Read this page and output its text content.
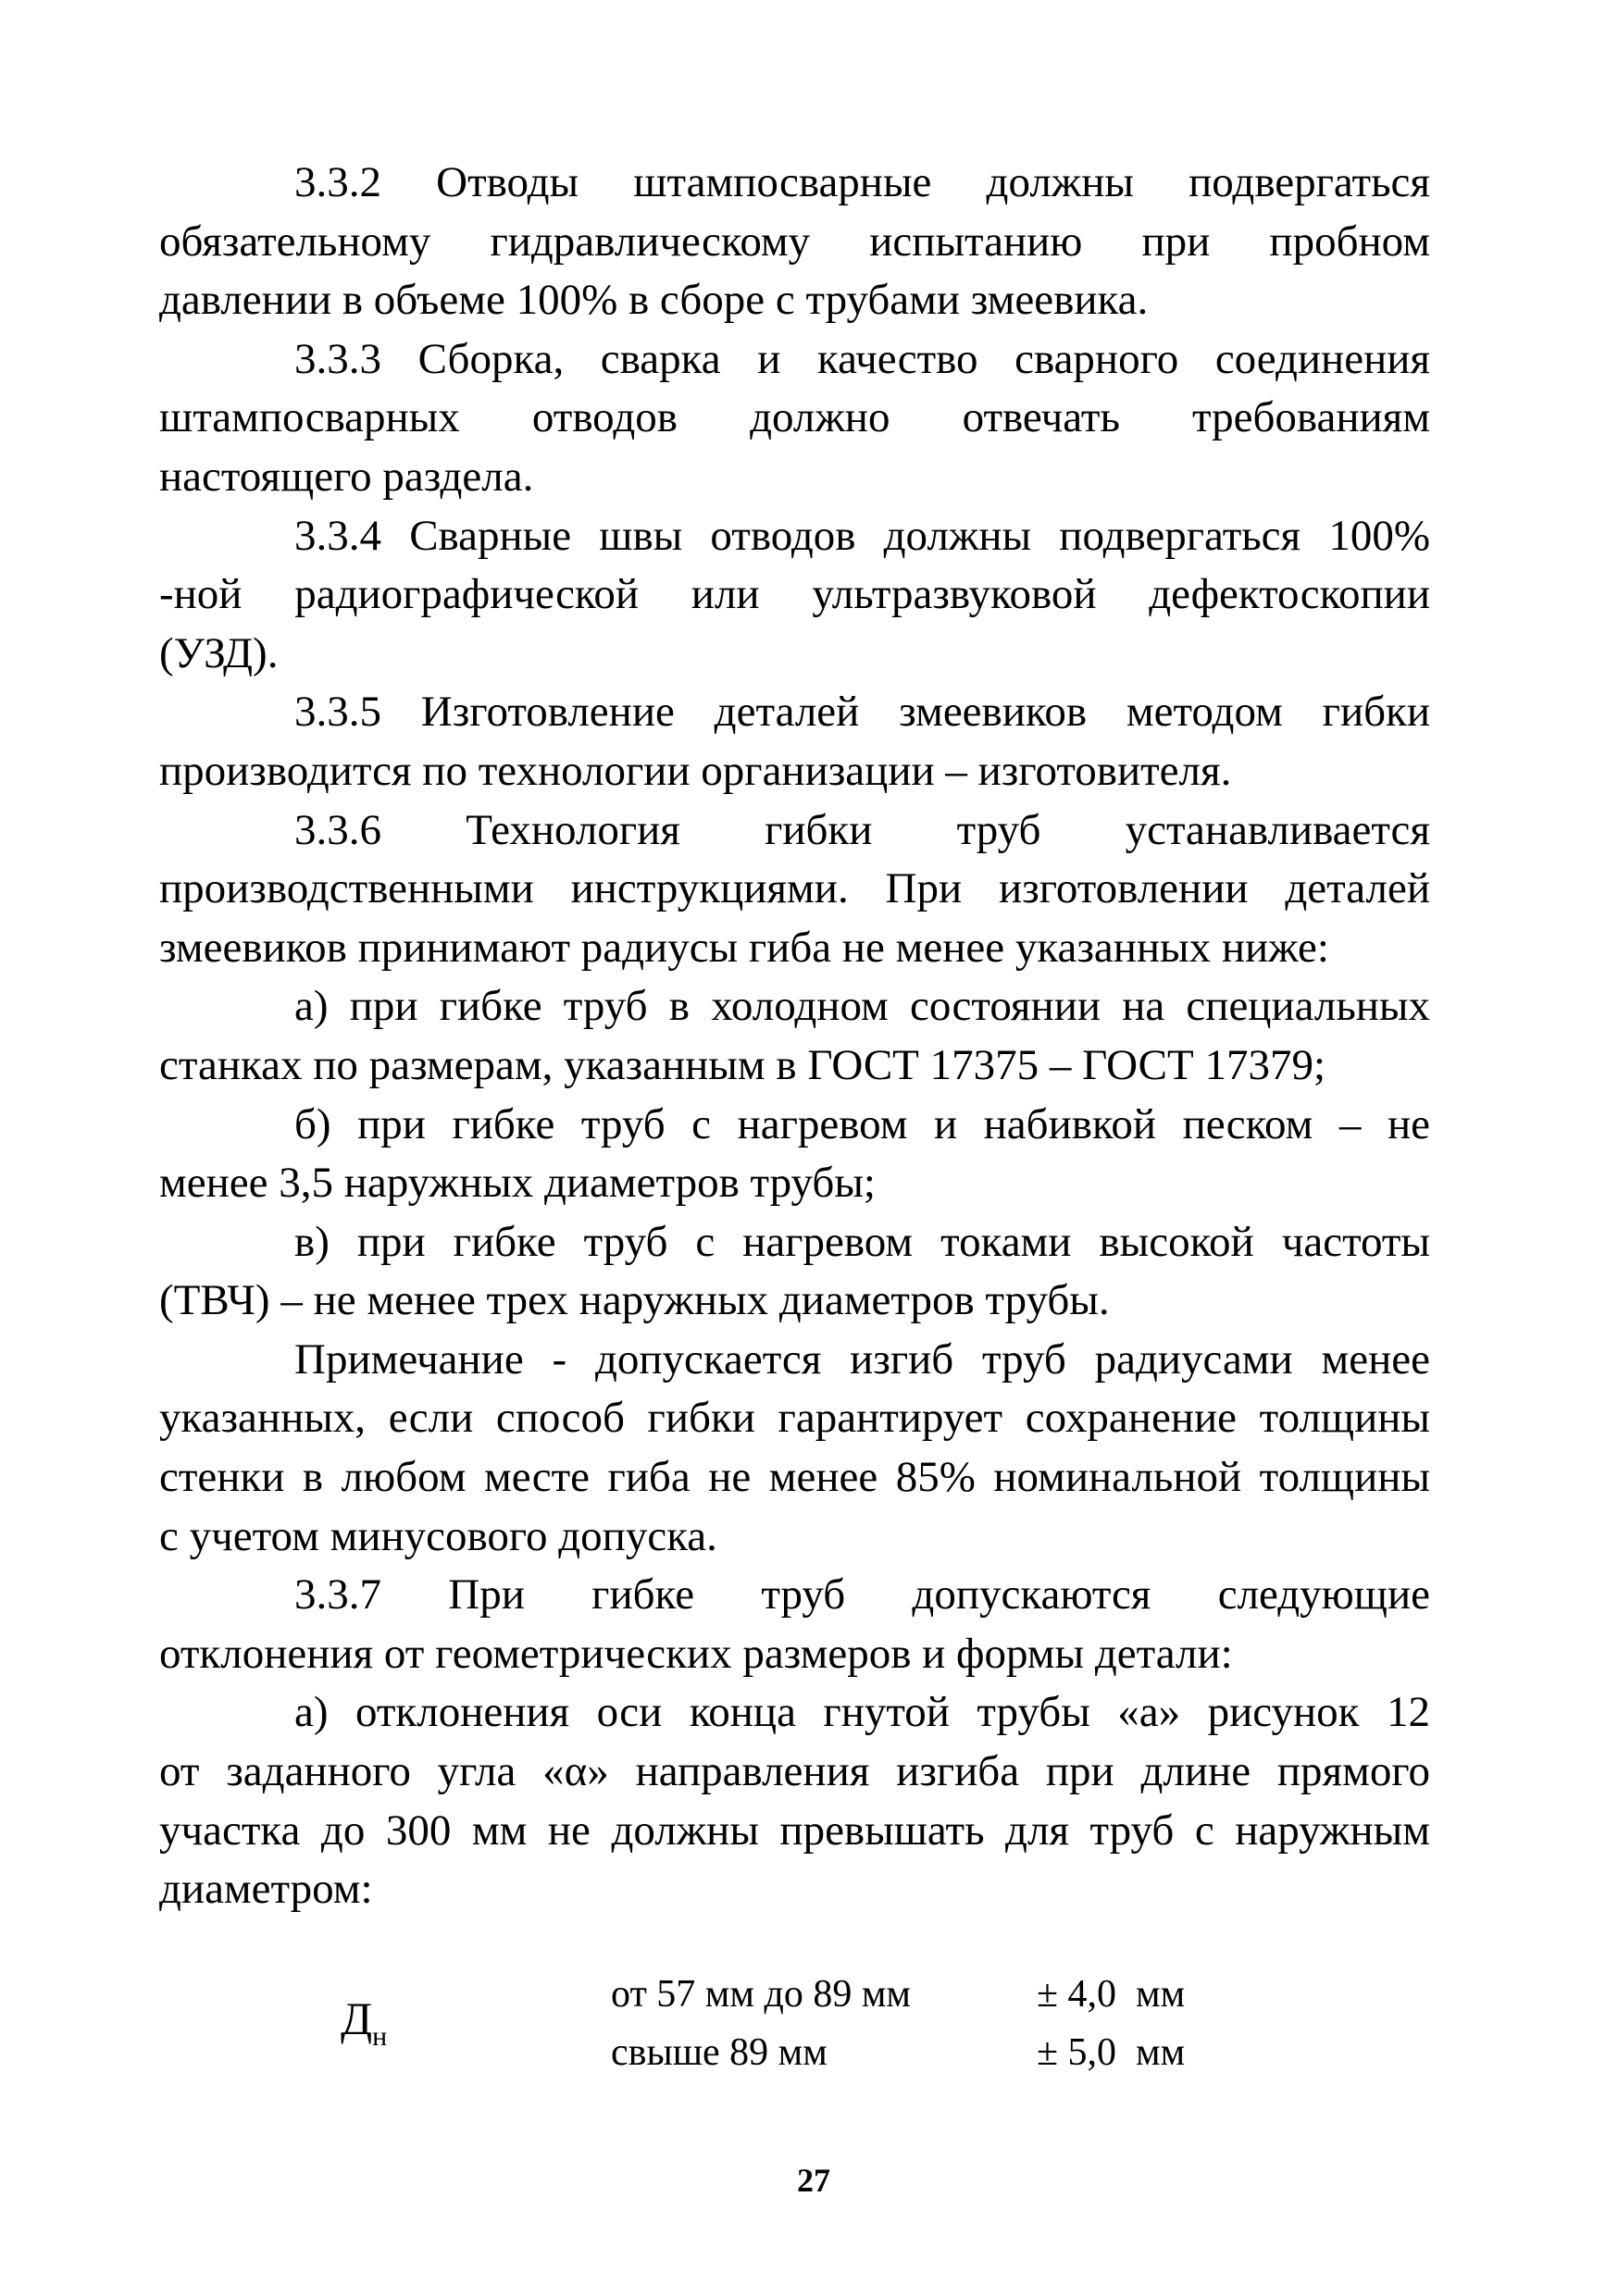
3.3.2 Отводы штампосварные должны подвергаться
обязательному гидравлическому испытанию при пробном
давлении в объеме 100% в сборе с трубами змеевика.
3.3.3 Сборка, сварка и качество сварного соединения
штампосварных отводов должно отвечать требованиям
настоящего раздела.
3.3.4 Сварные швы отводов должны подвергаться 100%
-ной радиографической или ультразвуковой дефектоскопии
(УЗД).
3.3.5 Изготовление деталей змеевиков методом гибки
производится по технологии организации – изготовителя.
3.3.6 Технология гибки труб устанавливается
производственными инструкциями. При изготовлении деталей
змеевиков принимают радиусы гиба не менее указанных ниже:
а) при гибке труб в холодном состоянии на специальных
станках по размерам, указанным в ГОСТ 17375 – ГОСТ 17379;
б) при гибке труб с нагревом и набивкой песком – не
менее 3,5 наружных диаметров трубы;
в) при гибке труб с нагревом токами высокой частоты
(ТВЧ) – не менее трех наружных диаметров трубы.
Примечание - допускается изгиб труб радиусами менее
указанных, если способ гибки гарантирует сохранение толщины
стенки в любом месте гиба не менее 85% номинальной толщины
с учетом минусового допуска.
3.3.7 При гибке труб допускаются следующие
отклонения от геометрических размеров и формы детали:
а) отклонения оси конца гнутой трубы «а» рисунок 12
от заданного угла «α» направления изгиба при длине прямого
участка до 300 мм не должны превышать для труб с наружным
диаметром:
$Д_н$
от 57 мм до 89 мм	± 4,0  мм
свыше 89 мм	± 5,0  мм
27
